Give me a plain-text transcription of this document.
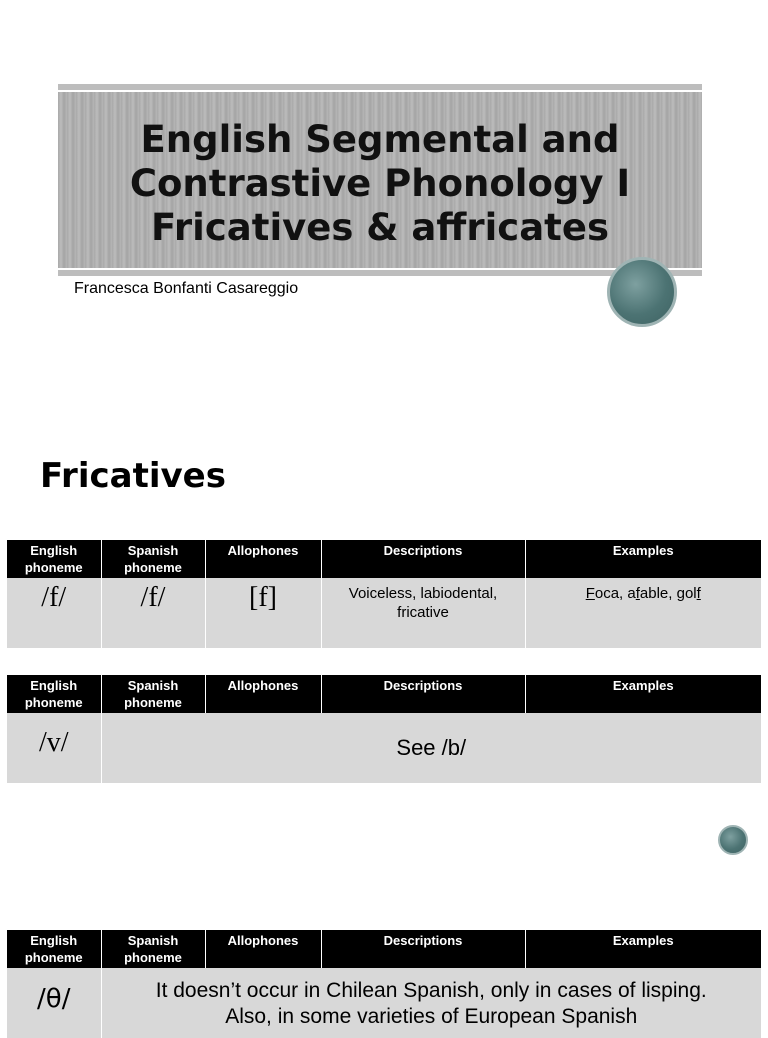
English Segmental and
Contrastive Phonology I
Fricatives & affricates
Francesca Bonfanti Casareggio
Fricatives
English phoneme	Spanish phoneme	Allophones	Descriptions	Examples
/f/	/f/	[f]	Voiceless, labiodental, fricative	Foca, afable, golf
English phoneme	Spanish phoneme	Allophones	Descriptions	Examples
/v/	See /b/			
English phoneme	Spanish phoneme	Allophones	Descriptions	Examples
/θ/	It doesn’t occur in Chilean Spanish, only in cases of lisping.
Also, in some varieties of European Spanish			
